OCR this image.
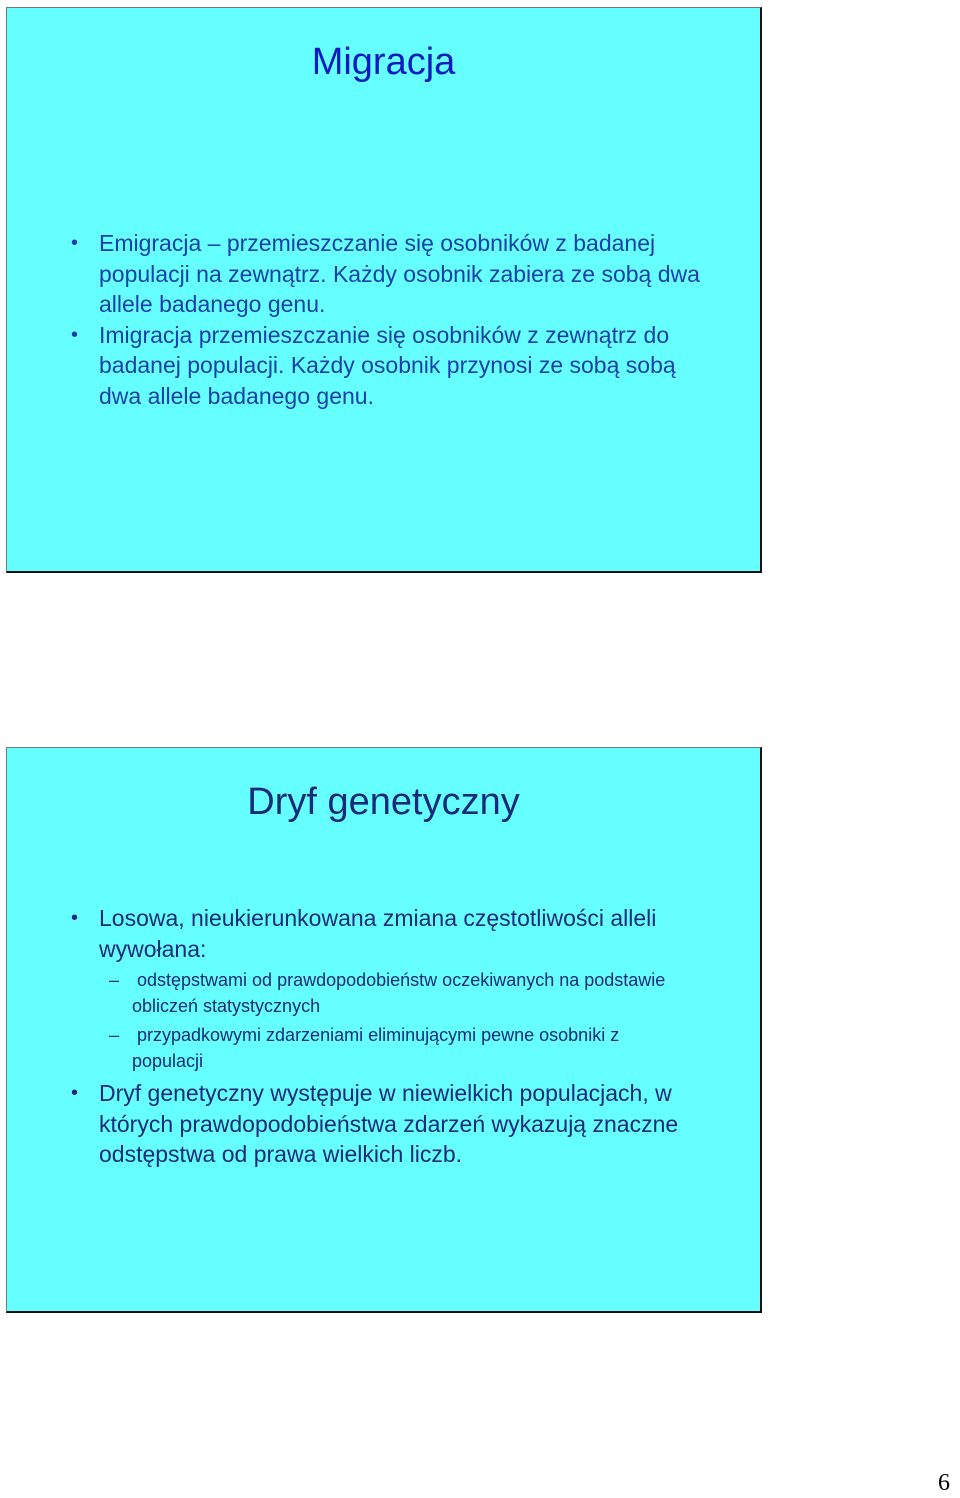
Migracja
• Emigracja – przemieszczanie się osobników z badanej populacji na zewnątrz. Każdy osobnik zabiera ze sobą dwa allele badanego genu.
• Imigracja przemieszczanie się osobników z zewnątrz do badanej populacji. Każdy osobnik przynosi ze sobą sobą dwa allele badanego genu.
Dryf genetyczny
• Losowa, nieukierunkowana zmiana częstotliwości alleli wywołana:
– odstępstwami od prawdopodobieństw oczekiwanych na podstawie obliczeń statystycznych
– przypadkowymi zdarzeniami eliminującymi pewne osobniki z populacji
• Dryf genetyczny występuje w niewielkich populacjach, w których prawdopodobieństwa zdarzeń wykazują znaczne odstępstwa od prawa wielkich liczb.
6
